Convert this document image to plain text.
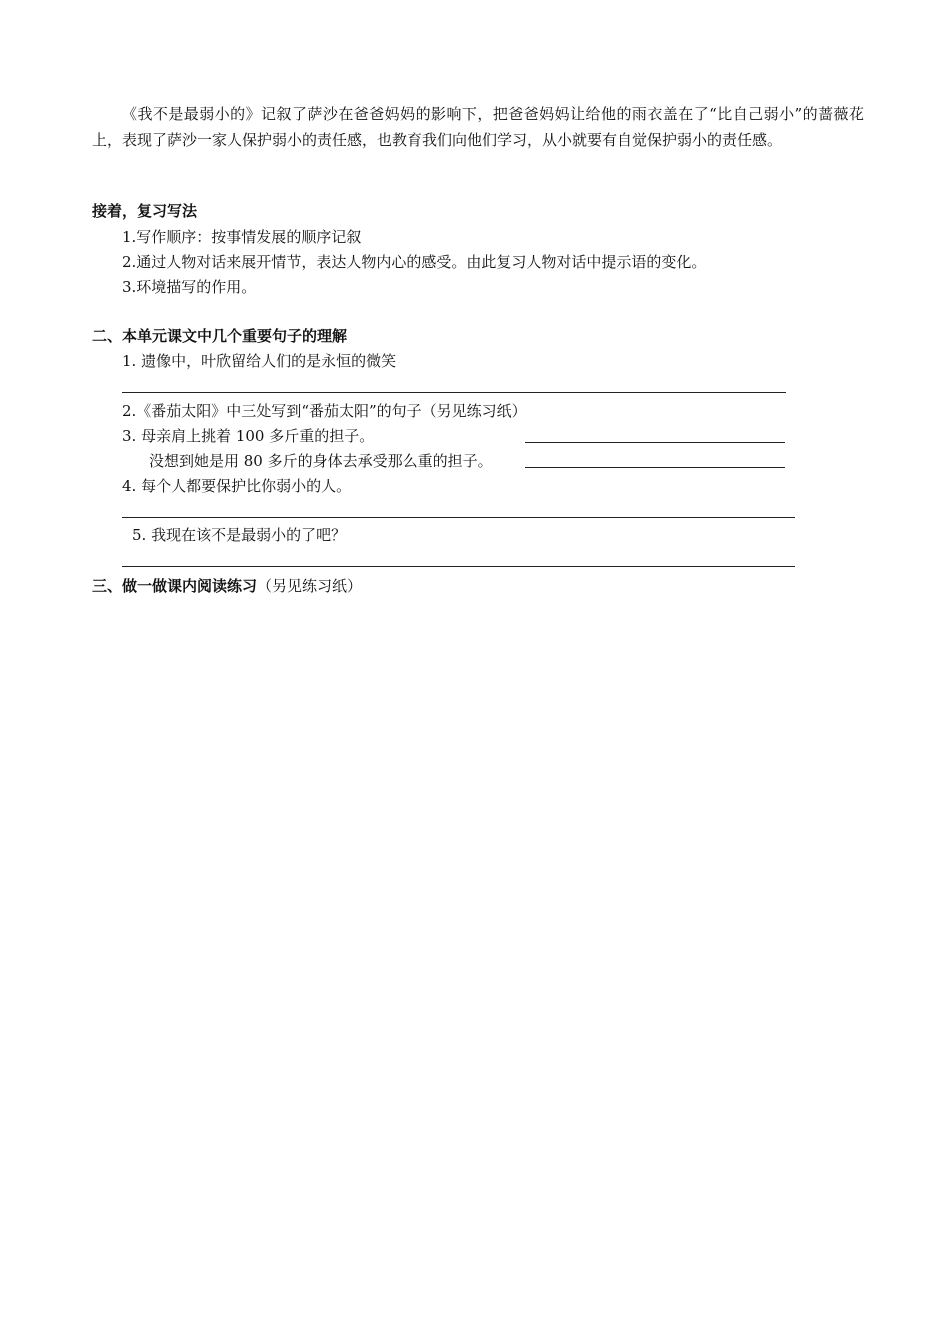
《我不是最弱小的》记叙了萨沙在爸爸妈妈的影响下，把爸爸妈妈让给他的雨衣盖在了“比自己弱小”的蔷薇花上，表现了萨沙一家人保护弱小的责任感，也教育我们向他们学习，从小就要有自觉保护弱小的责任感。
接着，复习写法
1.写作顺序：按事情发展的顺序记叙
2.通过人物对话来展开情节，表达人物内心的感受。由此复习人物对话中提示语的变化。
3.环境描写的作用。
二、本单元课文中几个重要句子的理解
1. 遗像中，叶欣留给人们的是永恒的微笑
2.《番茄太阳》中三处写到“番茄太阳”的句子（另见练习纸）
3. 母亲肩上挑着 100 多斤重的担子。
没想到她是用 80 多斤的身体去承受那么重的担子。
4. 每个人都要保护比你弱小的人。
5. 我现在该不是最弱小的了吧？
三、做一做课内阅读练习（另见练习纸）
